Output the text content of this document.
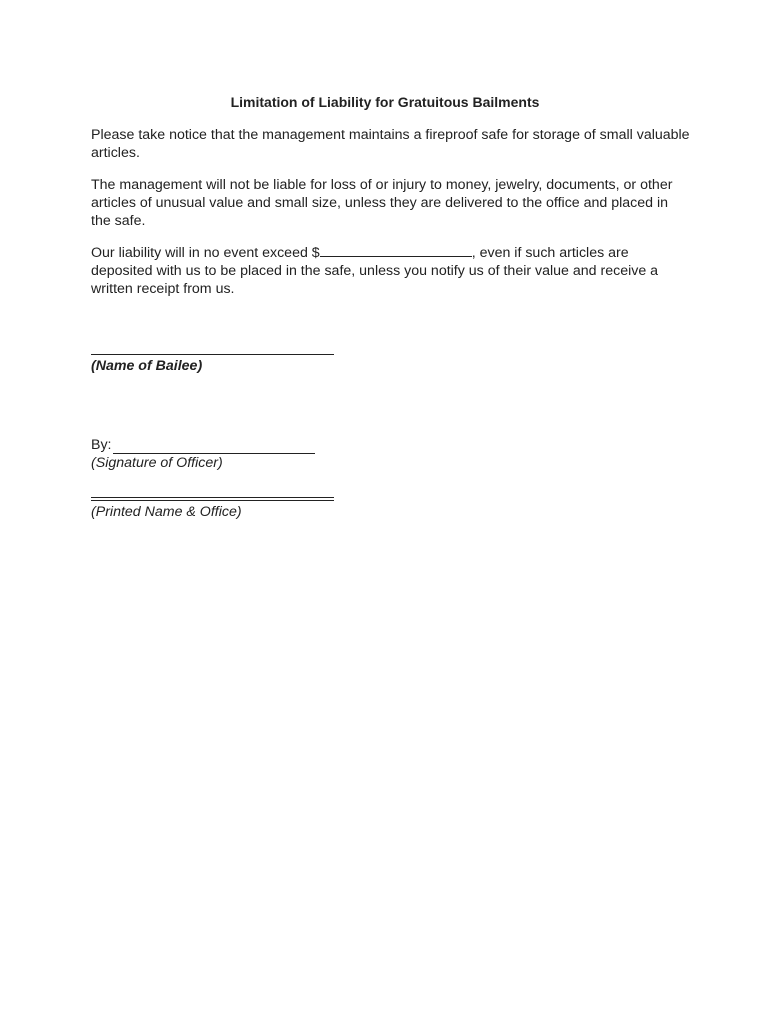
Limitation of Liability for Gratuitous Bailments

Please take notice that the management maintains a fireproof safe for storage of small valuable articles.

The management will not be liable for loss of or injury to money, jewelry, documents, or other articles of unusual value and small size, unless they are delivered to the office and placed in the safe.

Our liability will in no event exceed $	, even if such articles are deposited with us to be placed in the safe, unless you notify us of their value and receive a written receipt from us.

(Name of Bailee)
By:
(Signature of Officer)
(Printed Name & Office)
